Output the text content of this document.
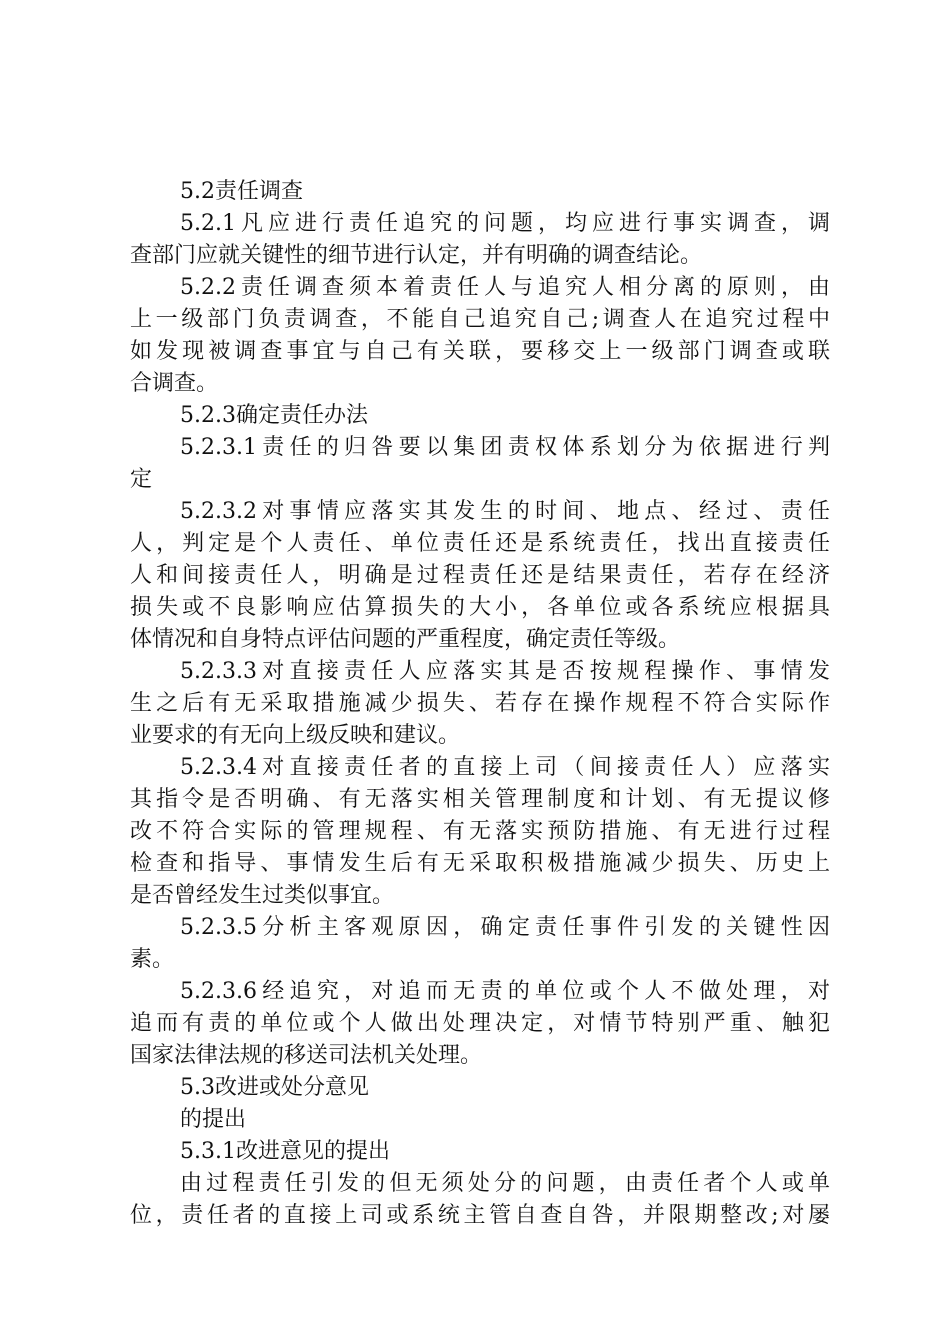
5.2责任调查
5.2.1凡应进行责任追究的问题，均应进行事实调查，调
查部门应就关键性的细节进行认定，并有明确的调查结论。
5.2.2责任调查须本着责任人与追究人相分离的原则，由
上一级部门负责调查，不能自己追究自己;调查人在追究过程中
如发现被调查事宜与自己有关联，要移交上一级部门调查或联
合调查。
5.2.3确定责任办法
5.2.3.1责任的归咎要以集团责权体系划分为依据进行判
定
5.2.3.2对事情应落实其发生的时间、地点、经过、责任
人，判定是个人责任、单位责任还是系统责任，找出直接责任
人和间接责任人，明确是过程责任还是结果责任，若存在经济
损失或不良影响应估算损失的大小，各单位或各系统应根据具
体情况和自身特点评估问题的严重程度，确定责任等级。
5.2.3.3对直接责任人应落实其是否按规程操作、事情发
生之后有无采取措施减少损失、若存在操作规程不符合实际作
业要求的有无向上级反映和建议。
5.2.3.4对直接责任者的直接上司（间接责任人）应落实
其指令是否明确、有无落实相关管理制度和计划、有无提议修
改不符合实际的管理规程、有无落实预防措施、有无进行过程
检查和指导、事情发生后有无采取积极措施减少损失、历史上
是否曾经发生过类似事宜。
5.2.3.5分析主客观原因，确定责任事件引发的关键性因
素。
5.2.3.6经追究，对追而无责的单位或个人不做处理，对
追而有责的单位或个人做出处理决定，对情节特别严重、触犯
国家法律法规的移送司法机关处理。
5.3改进或处分意见
的提出
5.3.1改进意见的提出
由过程责任引发的但无须处分的问题，由责任者个人或单
位，责任者的直接上司或系统主管自查自咎，并限期整改;对屡
